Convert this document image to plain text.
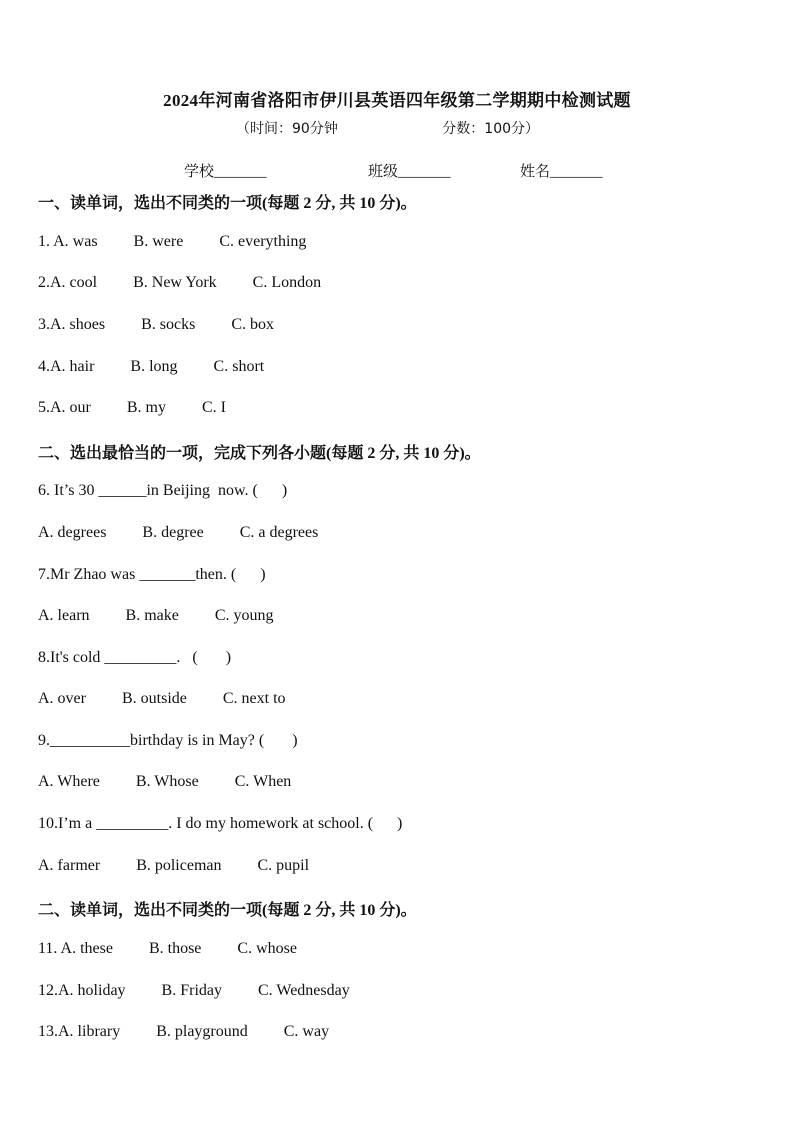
2024年河南省洛阳市伊川县英语四年级第二学期期中检测试题
（时间：90分钟	分数：100分）
学校_______	班级_______	姓名_______
一、读单词，选出不同类的一项(每题 2 分, 共 10 分)。
1. A. was         B. were         C. everything
2.A. cool         B. New York         C. London
3.A. shoes         B. socks         C. box
4.A. hair         B. long         C. short
5.A. our         B. my         C. I
二、选出最恰当的一项，完成下列各小题(每题 2 分, 共 10 分)。
6. It’s 30 ______in Beijing  now. (      )
A. degrees         B. degree         C. a degrees
7.Mr Zhao was _______then. (      )
A. learn         B. make         C. young
8.It's cold _________.   (       )
A. over         B. outside         C. next to
9.__________birthday is in May? (       )
A. Where         B. Whose         C. When
10.I’m a _________. I do my homework at school. (      )
A. farmer         B. policeman         C. pupil
二、读单词，选出不同类的一项(每题 2 分, 共 10 分)。
11. A. these         B. those         C. whose
12.A. holiday         B. Friday         C. Wednesday
13.A. library         B. playground         C. way
